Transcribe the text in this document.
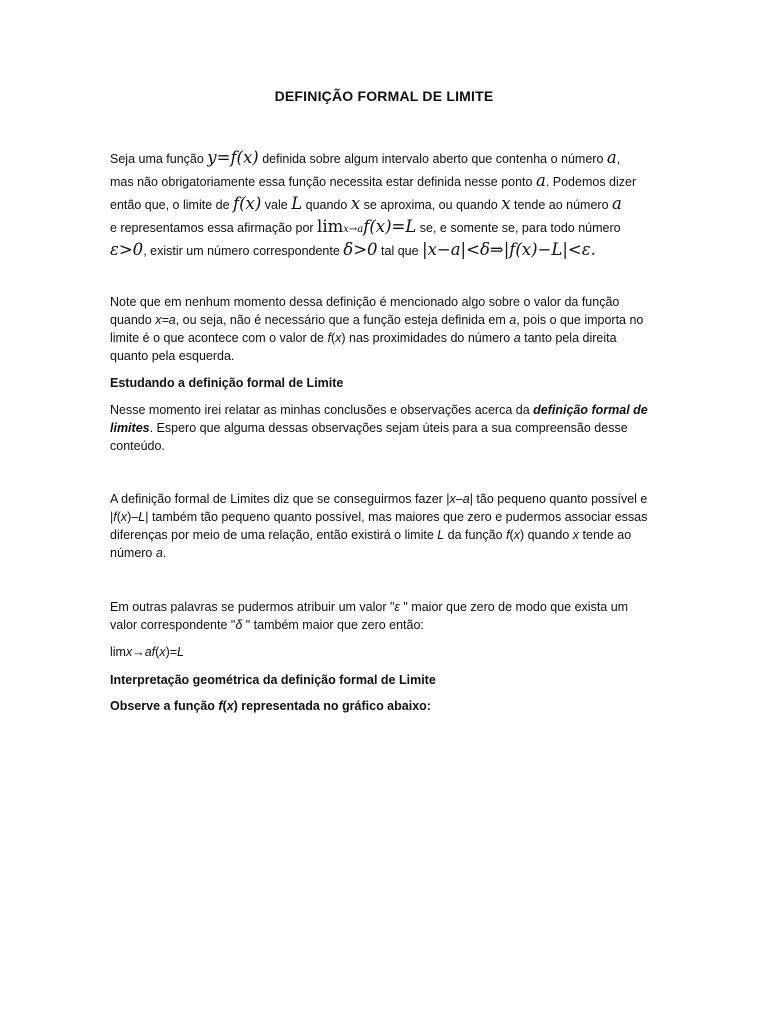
DEFINIÇÃO FORMAL DE LIMITE
Seja uma função y=f(x) definida sobre algum intervalo aberto que contenha o número a,
mas não obrigatoriamente essa função necessita estar definida nesse ponto a. Podemos dizer
então que, o limite de f(x) vale L quando x se aproxima, ou quando x tende ao número a
e representamos essa afirmação por limx→af(x)=L se, e somente se, para todo número
ε>0, existir um número correspondente δ>0 tal que |x−a|<δ⇒|f(x)−L|<ε.
Note que em nenhum momento dessa definição é mencionado algo sobre o valor da função quando x=a, ou seja, não é necessário que a função esteja definida em a, pois o que importa no limite é o que acontece com o valor de f(x) nas proximidades do número a tanto pela direita quanto pela esquerda.
Estudando a definição formal de Limite
Nesse momento irei relatar as minhas conclusões e observações acerca da definição formal de limites. Espero que alguma dessas observações sejam úteis para a sua compreensão desse conteúdo.
A definição formal de Limites diz que se conseguirmos fazer |x–a| tão pequeno quanto possível e |f(x)–L| também tão pequeno quanto possível, mas maiores que zero e pudermos associar essas diferenças por meio de uma relação, então existirá o limite L da função f(x) quando x tende ao número a.
Em outras palavras se pudermos atribuir um valor "ε " maior que zero de modo que exista um valor correspondente "δ " também maior que zero então:
limx→af(x)=L
Interpretação geométrica da definição formal de Limite
Observe a função f(x) representada no gráfico abaixo:
